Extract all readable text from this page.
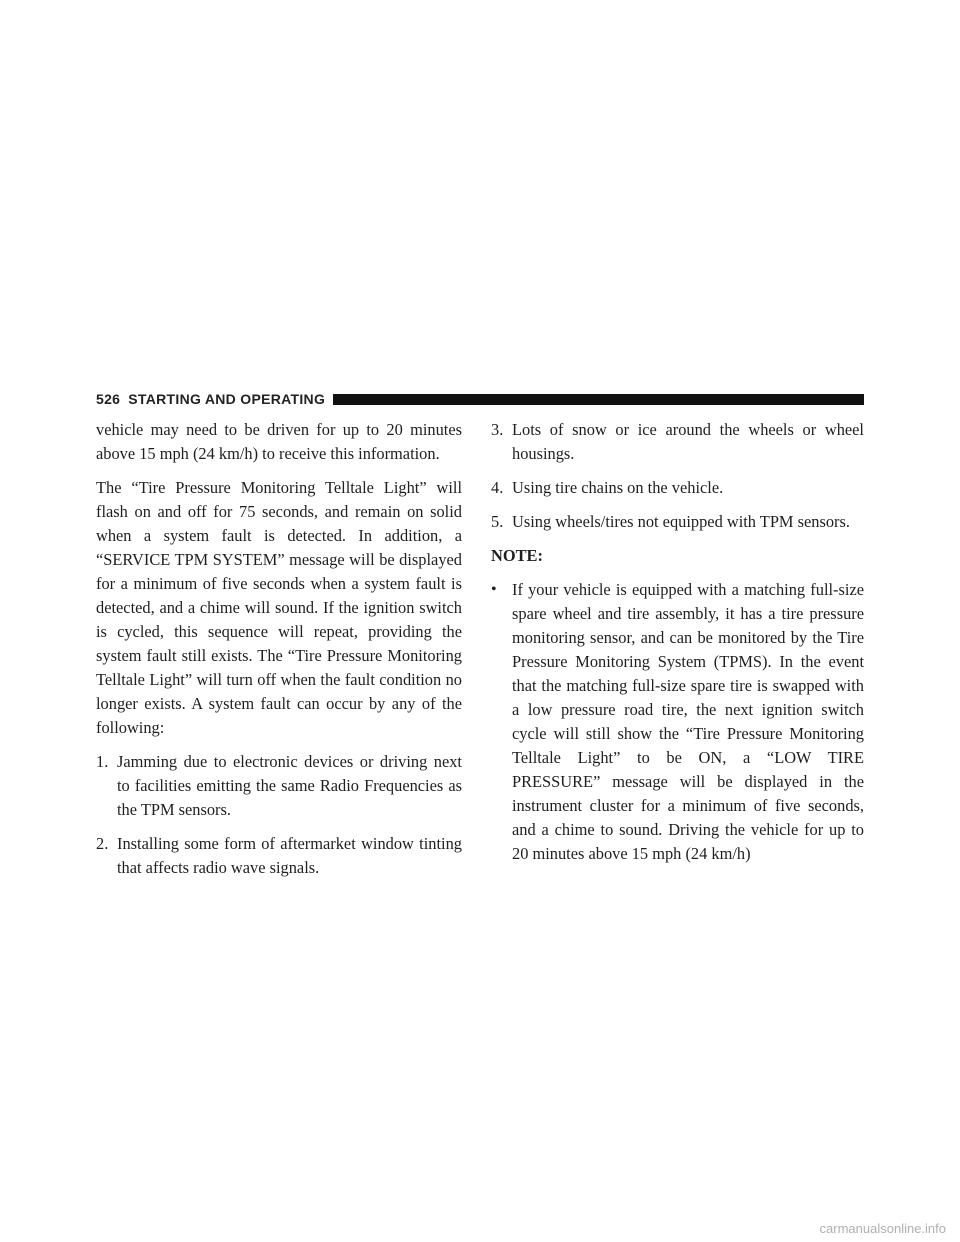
526 STARTING AND OPERATING

vehicle may need to be driven for up to 20 minutes above 15 mph (24 km/h) to receive this information.

The “Tire Pressure Monitoring Telltale Light” will flash on and off for 75 seconds, and remain on solid when a system fault is detected. In addition, a “SERVICE TPM SYSTEM” message will be displayed for a minimum of five seconds when a system fault is detected, and a chime will sound. If the ignition switch is cycled, this sequence will repeat, providing the system fault still exists. The “Tire Pressure Monitoring Telltale Light” will turn off when the fault condition no longer exists. A system fault can occur by any of the following:

1. Jamming due to electronic devices or driving next to facilities emitting the same Radio Frequencies as the TPM sensors.
2. Installing some form of aftermarket window tinting that affects radio wave signals.
3. Lots of snow or ice around the wheels or wheel housings.
4. Using tire chains on the vehicle.
5. Using wheels/tires not equipped with TPM sensors.
NOTE:
• If your vehicle is equipped with a matching full-size spare wheel and tire assembly, it has a tire pressure monitoring sensor, and can be monitored by the Tire Pressure Monitoring System (TPMS). In the event that the matching full-size spare tire is swapped with a low pressure road tire, the next ignition switch cycle will still show the “Tire Pressure Monitoring Telltale Light” to be ON, a “LOW TIRE PRESSURE” message will be displayed in the instrument cluster for a minimum of five seconds, and a chime to sound. Driving the vehicle for up to 20 minutes above 15 mph (24 km/h)
carmanualsonline.info
